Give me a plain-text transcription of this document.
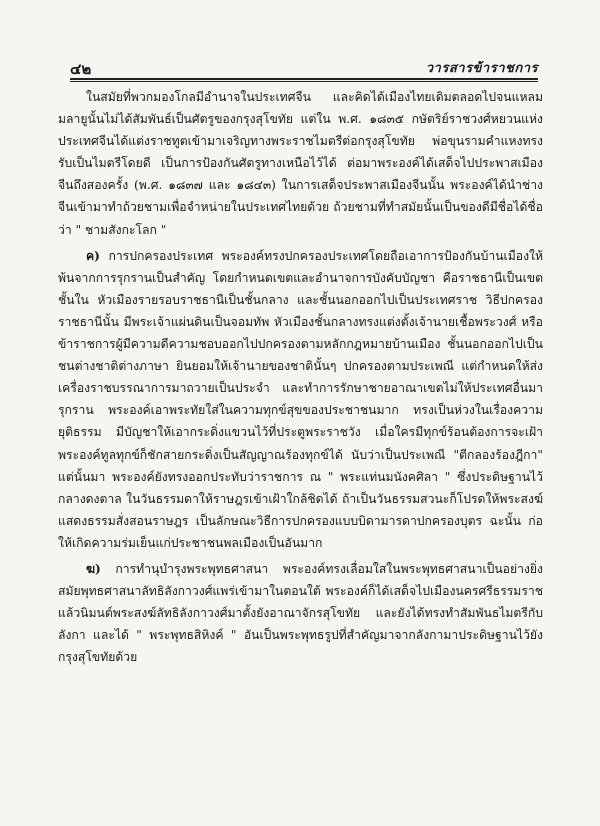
๔๒	วารสารข้าราชการ

ในสมัยที่พวกมองโกลมีอำนาจในประเทศจีน และคิดได้เมืองไทยเดิมตลอดไปจนแหลมมลายูนั้นไม่ได้สัมพันธ์เป็นศัตรูของกรุงสุโขทัย แต่ใน พ.ศ. ๑๘๓๕ กษัตริย์ราชวงศ์หยวนแห่งประเทศจีนได้แต่งราชทูตเข้ามาเจริญทางพระราชไมตรีต่อกรุงสุโขทัย พ่อขุนรามคำแหงทรงรับเป็นไมตรีโดยดี เป็นการป้องกันศัตรูทางเหนือไว้ได้ ต่อมาพระองค์ได้เสด็จไปประพาสเมืองจีนถึงสองครั้ง (พ.ศ. ๑๘๓๗ และ ๑๘๔๓) ในการเสด็จประพาสเมืองจีนนั้น พระองค์ได้นำช่างจีนเข้ามาทำถ้วยชามเพื่อจำหน่ายในประเทศไทยด้วย ถ้วยชามที่ทำสมัยนั้นเป็นของดีมีชื่อได้ชื่อว่า " ชามสังกะโลก "

ค) การปกครองประเทศ พระองค์ทรงปกครองประเทศโดยถือเอาการป้องกันบ้านเมืองให้พ้นจากการรุกรานเป็นสำคัญ โดยกำหนดเขตและอำนาจการบังคับบัญชา คือราชธานีเป็นเขตชั้นใน หัวเมืองรายรอบราชธานีเป็นชั้นกลาง และชั้นนอกออกไปเป็นประเทศราช วิธีปกครองราชธานีนั้น มีพระเจ้าแผ่นดินเป็นจอมทัพ หัวเมืองชั้นกลางทรงแต่งตั้งเจ้านายเชื้อพระวงศ์ หรือข้าราชการผู้มีความดีความชอบออกไปปกครองตามหลักกฎหมายบ้านเมือง ชั้นนอกออกไปเป็นชนต่างชาติต่างภาษา ยินยอมให้เจ้านายของชาตินั้นๆ ปกครองตามประเพณี แต่กำหนดให้ส่งเครื่องราชบรรณาการมาถวายเป็นประจำ และทำการรักษาชายอาณาเขตไม่ให้ประเทศอื่นมารุกราน พระองค์เอาพระทัยใส่ในความทุกข์สุขของประชาชนมาก ทรงเป็นห่วงในเรื่องความยุติธรรม มีบัญชาให้เอากระดิ่งแขวนไว้ที่ประตูพระราชวัง เมื่อใครมีทุกข์ร้อนต้องการจะเฝ้าพระองค์ทูลทุกข์ก็ชักสายกระดิ่งเป็นสัญญาณร้องทุกข์ได้ นับว่าเป็นประเพณี "ตีกลองร้องฎีกา" แต่นั้นมา พระองค์ยังทรงออกประทับว่าราชการ ณ " พระแท่นมนังคศิลา " ซึ่งประดิษฐานไว้กลางดงตาล ในวันธรรมดาให้ราษฎรเข้าเฝ้าใกล้ชิดได้ ถ้าเป็นวันธรรมสวนะก็โปรดให้พระสงฆ์แสดงธรรมสั่งสอนราษฎร เป็นลักษณะวิธีการปกครองแบบบิดามารดาปกครองบุตร ฉะนั้น ก่อให้เกิดความร่มเย็นแก่ประชาชนพลเมืองเป็นอันมาก

ฆ) การทำนุบำรุงพระพุทธศาสนา พระองค์ทรงเลื่อมใสในพระพุทธศาสนาเป็นอย่างยิ่ง สมัยพุทธศาสนาลัทธิลังกาวงศ์แพร่เข้ามาในตอนใต้ พระองค์ก็ได้เสด็จไปเมืองนครศรีธรรมราชแล้วนิมนต์พระสงฆ์ลัทธิลังกาวงศ์มาตั้งยังอาณาจักรสุโขทัย และยังได้ทรงทำสัมพันธไมตรีกับลังกา และได้ " พระพุทธสิหิงค์ " อันเป็นพระพุทธรูปที่สำคัญมาจากลังกามาประดิษฐานไว้ยังกรุงสุโขทัยด้วย
